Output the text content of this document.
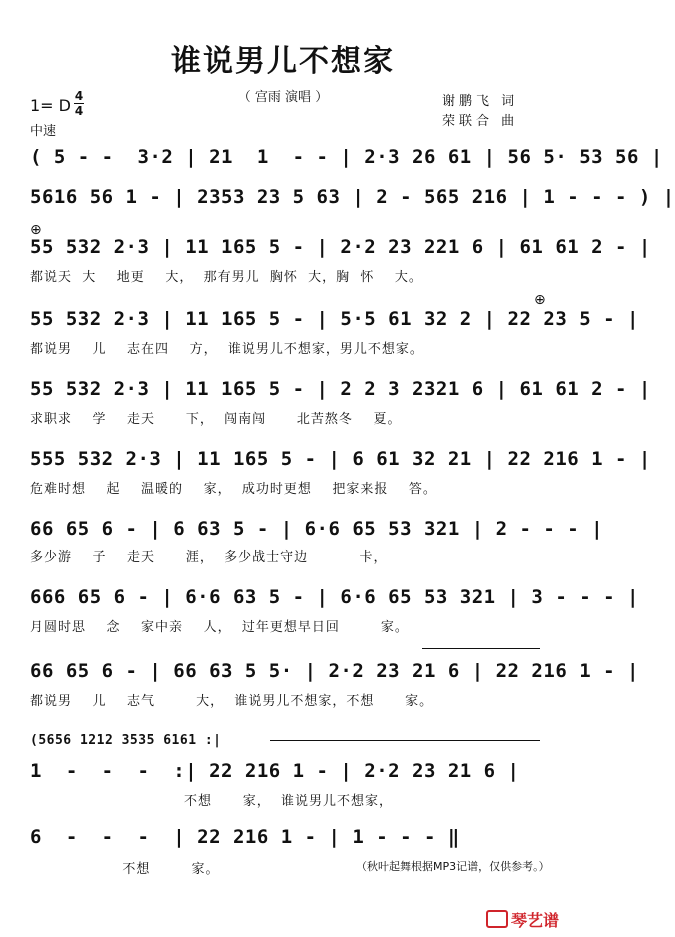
谁说男儿不想家
（ 宫雨 演唱 ）
1= D 4
4
中速
谢鹏飞 词
荣联合 曲
⊕
⊕
( 5 - -  3·2 | 21  1  - - | 2·3 26 61 | 56 5· 53 56 |
5616 56 1 - | 2353 23 5 63 | 2 - 565 216 | 1 - - - ) |
55 532 2·3 | 11 165 5 - | 2·2 23 221 6 | 61 61 2 - |
都说天  大    地更    大，  那有男儿  胸怀  大，胸  怀    大。
55 532 2·3 | 11 165 5 - | 5·5 61 32 2 | 22 23 5 - |
都说男    儿    志在四    方，  谁说男儿不想家，男儿不想家。
55 532 2·3 | 11 165 5 - | 2 2 3 2321 6 | 61 61 2 - |
求职求    学    走天      下，  闯南闯      北苦熬冬    夏。
555 532 2·3 | 11 165 5 - | 6 61 32 21 | 22 216 1 - |
危难时想    起    温暖的    家，  成功时更想    把家来报    答。
66 65 6 - | 6 63 5 - | 6·6 65 53 321 | 2 - - - |
多少游    子    走天      涯，  多少战士守边          卡，
666 65 6 - | 6·6 63 5 - | 6·6 65 53 321 | 3 - - - |
月圆时思    念    家中亲    人，  过年更想早日回        家。
66 65 6 - | 66 63 5 5· | 2·2 23 21 6 | 22 216 1 - |
都说男    儿    志气        大，  谁说男儿不想家，不想      家。
(5656 1212 3535 6161 :|
1  -  -  -  :| 22 216 1 - | 2·2 23 21 6 |
不想      家，  谁说男儿不想家，
6  -  -  -  | 22 216 1 - | 1 - - - ‖
不想        家。	（秋叶起舞根据MP3记谱，仅供参考。）
琴艺谱
